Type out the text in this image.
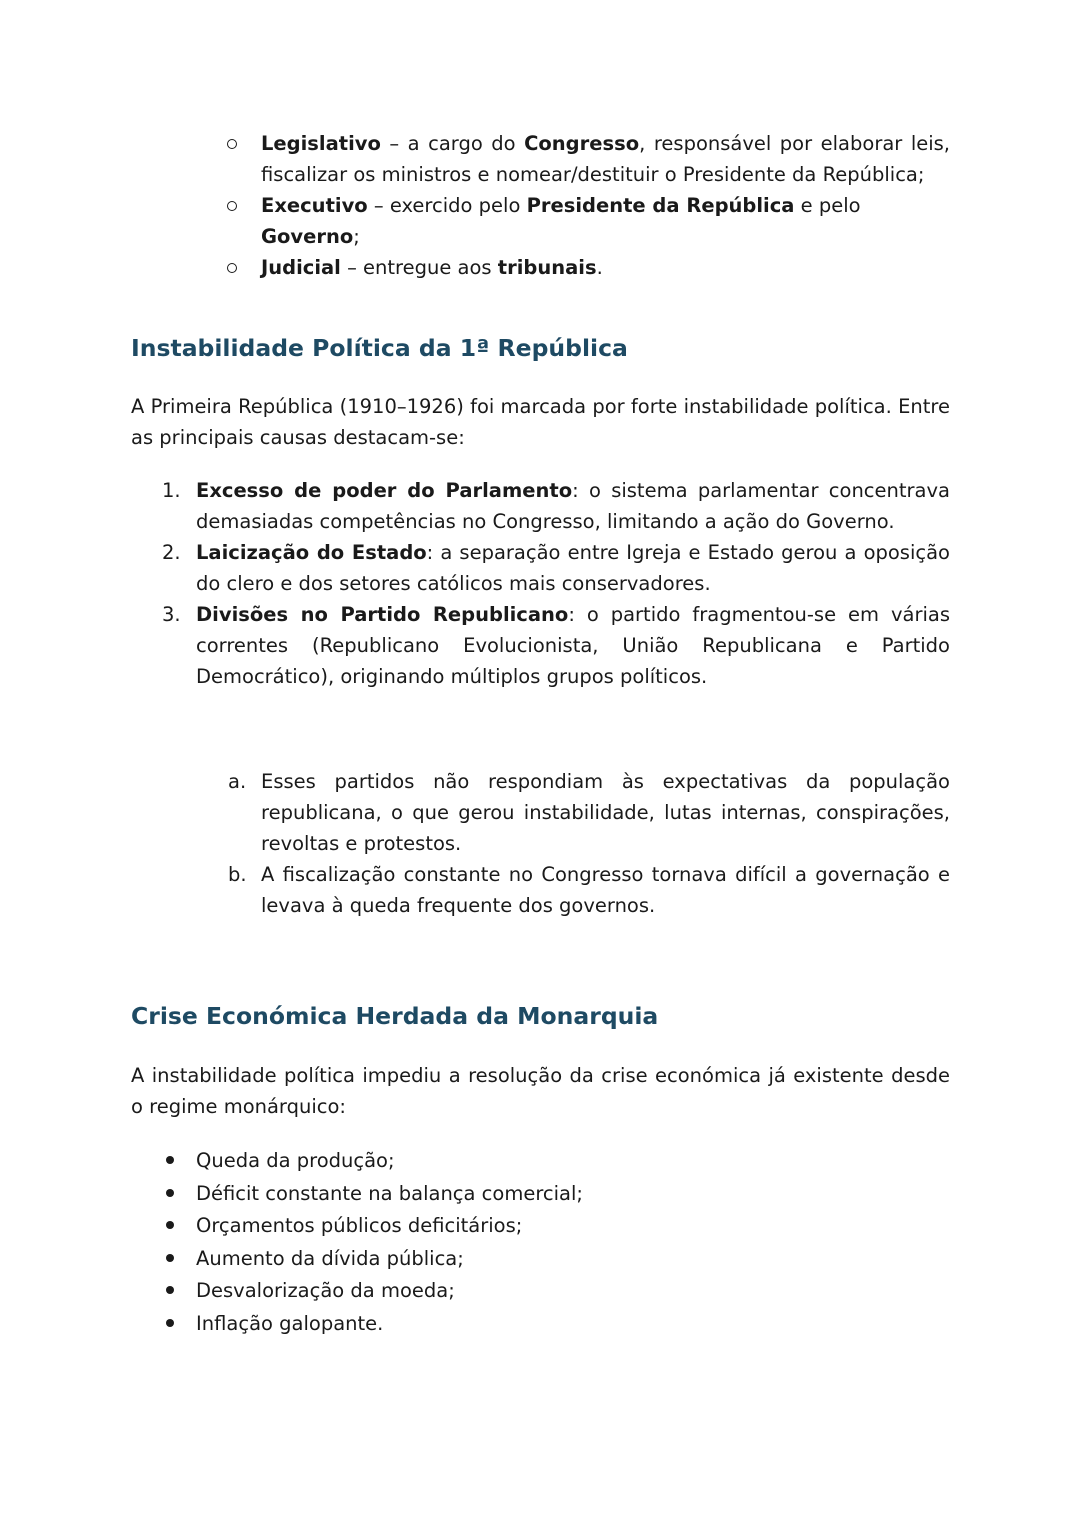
Legislativo – a cargo do Congresso, responsável por elaborar leis, fiscalizar os ministros e nomear/destituir o Presidente da República;
Executivo – exercido pelo Presidente da República e pelo Governo;
Judicial – entregue aos tribunais.
Instabilidade Política da 1ª República
A Primeira República (1910–1926) foi marcada por forte instabilidade política. Entre as principais causas destacam-se:
1. Excesso de poder do Parlamento: o sistema parlamentar concentrava demasiadas competências no Congresso, limitando a ação do Governo.
2. Laicização do Estado: a separação entre Igreja e Estado gerou a oposição do clero e dos setores católicos mais conservadores.
3. Divisões no Partido Republicano: o partido fragmentou-se em várias correntes (Republicano Evolucionista, União Republicana e Partido Democrático), originando múltiplos grupos políticos.
a. Esses partidos não respondiam às expectativas da população republicana, o que gerou instabilidade, lutas internas, conspirações, revoltas e protestos.
b. A fiscalização constante no Congresso tornava difícil a governação e levava à queda frequente dos governos.
Crise Económica Herdada da Monarquia
A instabilidade política impediu a resolução da crise económica já existente desde o regime monárquico:
Queda da produção;
Déficit constante na balança comercial;
Orçamentos públicos deficitários;
Aumento da dívida pública;
Desvalorização da moeda;
Inflação galopante.
